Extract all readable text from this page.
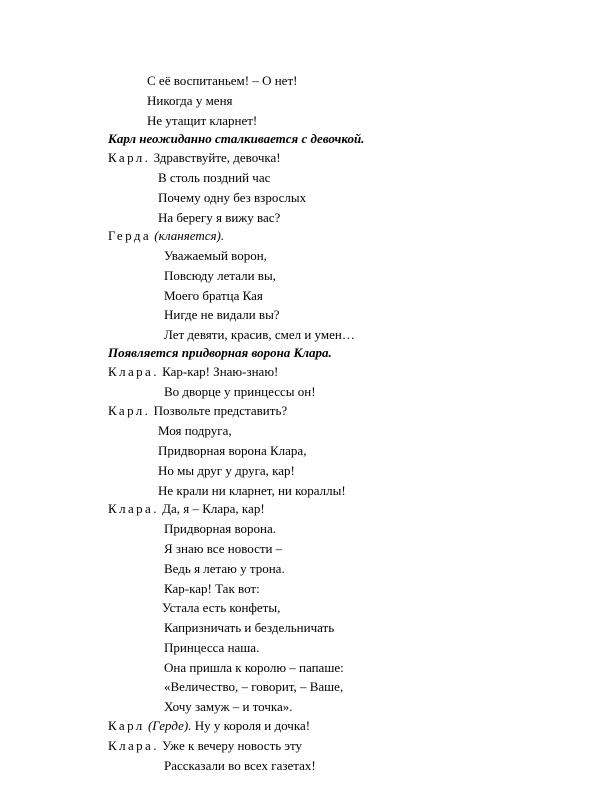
С её воспитаньем! – О нет!

Никогда у меня

Не утащит кларнет!

Карл неожиданно сталкивается с девочкой.

Карл. Здравствуйте, девочка!

В столь поздний час

Почему одну без взрослых

На берегу я вижу вас?

Герда (кланяется).

Уважаемый ворон,

Повсюду летали вы,

Моего братца Кая

Нигде не видали вы?

Лет девяти, красив, смел и умен…

Появляется придворная ворона Клара.

Клара. Кар-кар! Знаю-знаю!

Во дворце у принцессы он!

Карл. Позвольте представить?

Моя подруга,

Придворная ворона Клара,

Но мы друг у друга, кар!

Не крали ни кларнет, ни кораллы!

Клара. Да, я – Клара, кар!

Придворная ворона.

Я знаю все новости –

Ведь я летаю у трона.

Кар-кар! Так вот:

Устала есть конфеты,

Капризничать и бездельничать

Принцесса наша.

Она пришла к королю – папаше:

«Величество, – говорит, – Ваше,

Хочу замуж – и точка».

Карл (Герде). Ну у короля и дочка!

Клара. Уже к вечеру новость эту

Рассказали во всех газетах!
